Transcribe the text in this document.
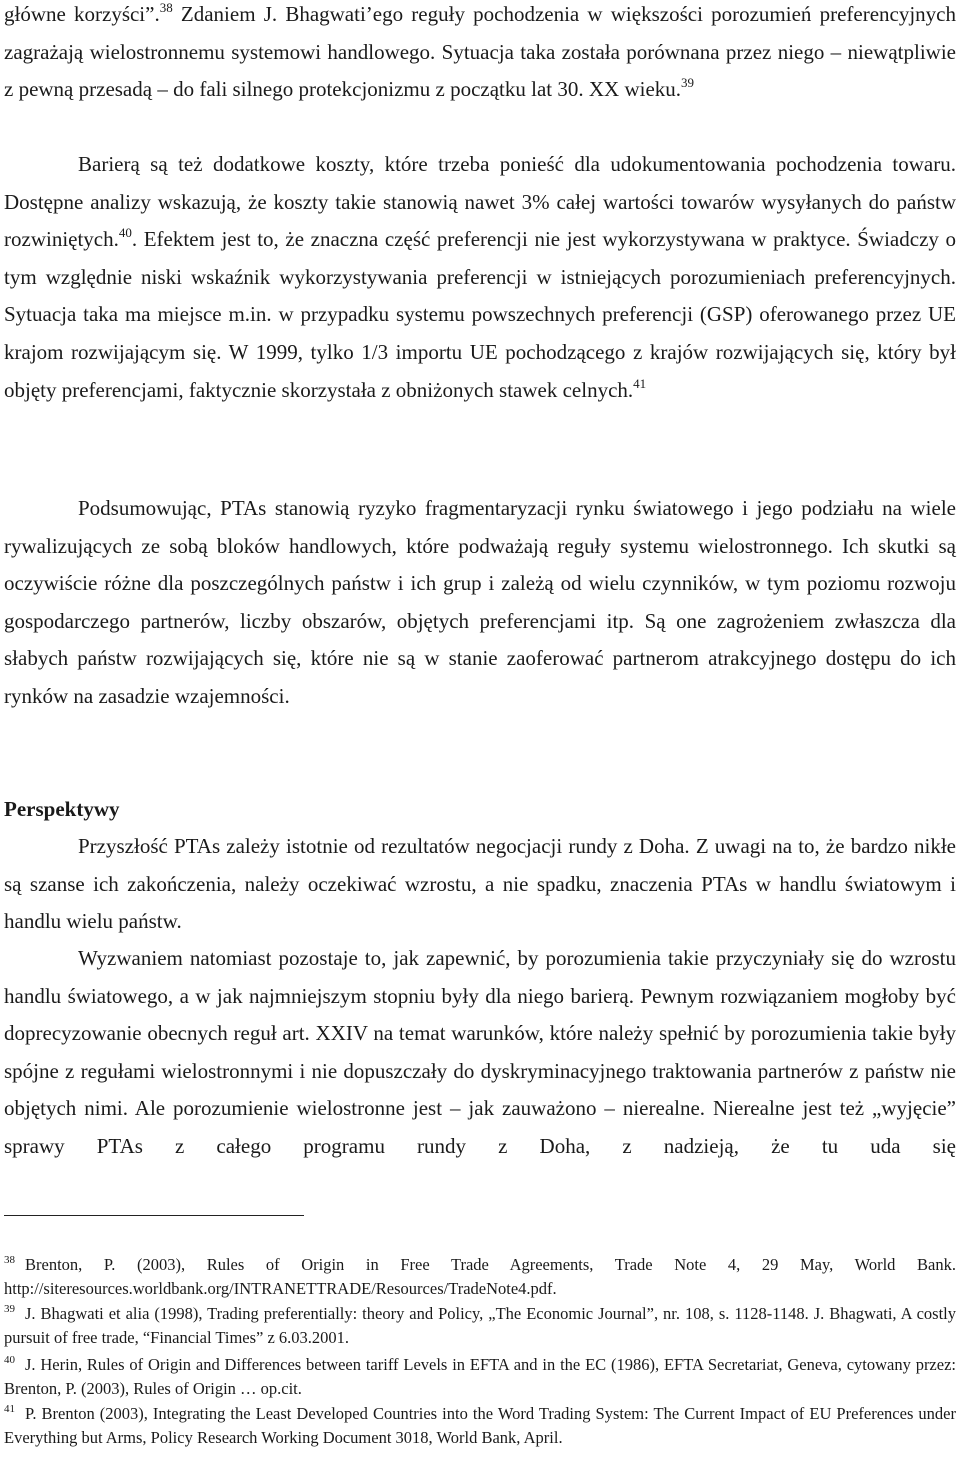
główne korzyści”.$^{38}$ Zdaniem J. Bhagwati’ego reguły pochodzenia w większości porozumień preferencyjnych zagrażają wielostronnemu systemowi handlowego. Sytuacja taka została porównana przez niego – niewątpliwie z pewną przesadą – do fali silnego protekcjonizmu z początku lat 30. XX wieku.$^{39}$

Barierą są też dodatkowe koszty, które trzeba ponieść dla udokumentowania pochodzenia towaru. Dostępne analizy wskazują, że koszty takie stanowią nawet 3% całej wartości towarów wysyłanych do państw rozwiniętych.$^{40}$. Efektem jest to, że znaczna część preferencji nie jest wykorzystywana w praktyce. Świadczy o tym względnie niski wskaźnik wykorzystywania preferencji w istniejących porozumieniach preferencyjnych. Sytuacja taka ma miejsce m.in. w przypadku systemu powszechnych preferencji (GSP) oferowanego przez UE krajom rozwijającym się. W 1999, tylko 1/3 importu UE pochodzącego z krajów rozwijających się, który był objęty preferencjami, faktycznie skorzystała z obniżonych stawek celnych.$^{41}$

Podsumowując, PTAs stanowią ryzyko fragmentaryzacji rynku światowego i jego podziału na wiele rywalizujących ze sobą bloków handlowych, które podważają reguły systemu wielostronnego. Ich skutki są oczywiście różne dla poszczególnych państw i ich grup i zależą od wielu czynników, w tym poziomu rozwoju gospodarczego partnerów, liczby obszarów, objętych preferencjami itp. Są one zagrożeniem zwłaszcza dla słabych państw rozwijających się, które nie są w stanie zaoferować partnerom atrakcyjnego dostępu do ich rynków na zasadzie wzajemności.

Perspektywy

Przyszłość PTAs zależy istotnie od rezultatów negocjacji rundy z Doha. Z uwagi na to, że bardzo nikłe są szanse ich zakończenia, należy oczekiwać wzrostu, a nie spadku, znaczenia PTAs w handlu światowym i handlu wielu państw.

Wyzwaniem natomiast pozostaje to, jak zapewnić, by porozumienia takie przyczyniały się do wzrostu handlu światowego, a w jak najmniejszym stopniu były dla niego barierą. Pewnym rozwiązaniem mogłoby być doprecyzowanie obecnych reguł art. XXIV na temat warunków, które należy spełnić by porozumienia takie były spójne z regułami wielostronnymi i nie dopuszczały do dyskryminacyjnego traktowania partnerów z państw nie objętych nimi. Ale porozumienie wielostronne jest – jak zauważono – nierealne. Nierealne jest też „wyjęcie” sprawy PTAs z całego programu rundy z Doha, z nadzieją, że tu uda się

$^{38}$ Brenton, P. (2003), Rules of Origin in Free Trade Agreements, Trade Note 4, 29 May, World Bank. http://siteresources.worldbank.org/INTRANETTRADE/Resources/TradeNote4.pdf.

$^{39}$ J. Bhagwati et alia (1998), Trading preferentially: theory and Policy, „The Economic Journal”, nr. 108, s. 1128-1148. J. Bhagwati, A costly pursuit of free trade, “Financial Times” z 6.03.2001.

$^{40}$ J. Herin, Rules of Origin and Differences between tariff Levels in EFTA and in the EC (1986), EFTA Secretariat, Geneva, cytowany przez: Brenton, P. (2003), Rules of Origin … op.cit.

$^{41}$ P. Brenton (2003), Integrating the Least Developed Countries into the Word Trading System: The Current Impact of EU Preferences under Everything but Arms, Policy Research Working Document 3018, World Bank, April.
